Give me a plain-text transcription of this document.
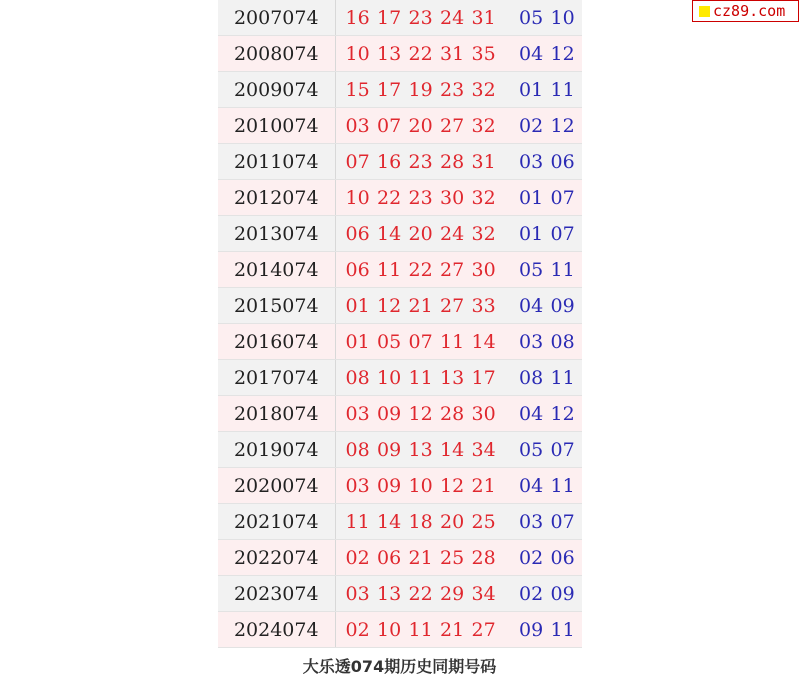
cz89.com
2007074	16 17 23 24 31	05 10
2008074	10 13 22 31 35	04 12
2009074	15 17 19 23 32	01 11
2010074	03 07 20 27 32	02 12
2011074	07 16 23 28 31	03 06
2012074	10 22 23 30 32	01 07
2013074	06 14 20 24 32	01 07
2014074	06 11 22 27 30	05 11
2015074	01 12 21 27 33	04 09
2016074	01 05 07 11 14	03 08
2017074	08 10 11 13 17	08 11
2018074	03 09 12 28 30	04 12
2019074	08 09 13 14 34	05 07
2020074	03 09 10 12 21	04 11
2021074	11 14 18 20 25	03 07
2022074	02 06 21 25 28	02 06
2023074	03 13 22 29 34	02 09
2024074	02 10 11 21 27	09 11
大乐透074期历史同期号码
